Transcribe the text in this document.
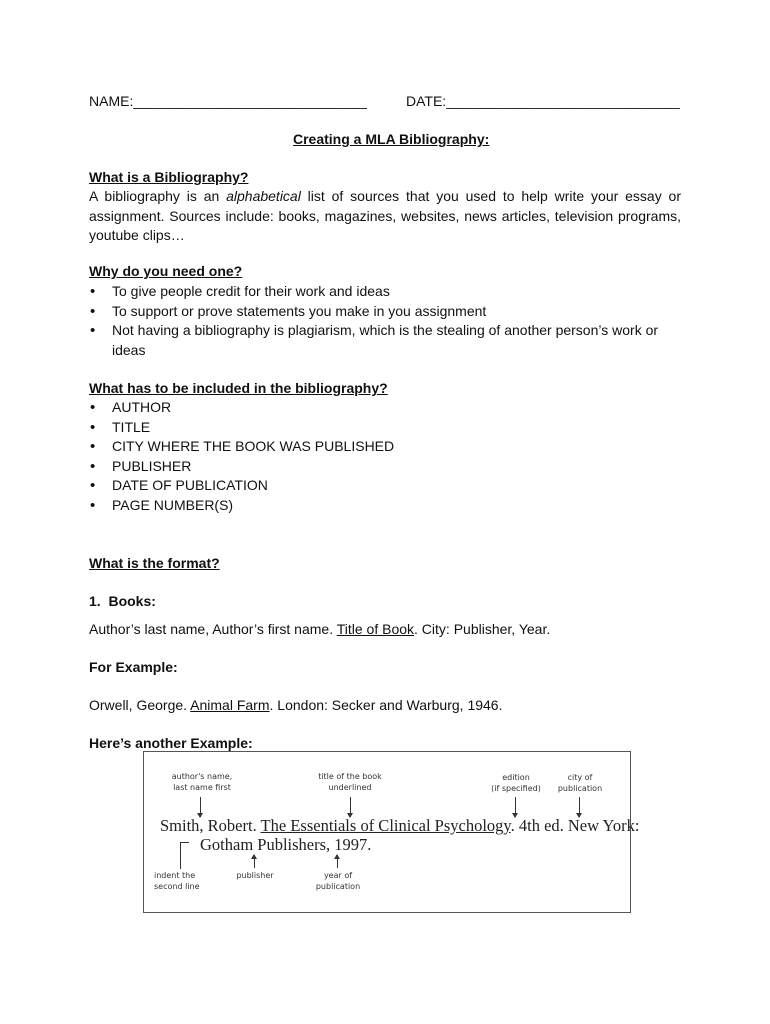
NAME:______________________________	DATE:______________________________
Creating a MLA Bibliography:
What is a Bibliography?
A bibliography is an alphabetical list of sources that you used to help write your essay or assignment. Sources include: books, magazines, websites, news articles, television programs, youtube clips…
Why do you need one?
• To give people credit for their work and ideas
• To support or prove statements you make in you assignment
• Not having a bibliography is plagiarism, which is the stealing of another person’s work or ideas
What has to be included in the bibliography?
• AUTHOR
• TITLE
• CITY WHERE THE BOOK WAS PUBLISHED
• PUBLISHER
• DATE OF PUBLICATION
• PAGE NUMBER(S)
What is the format?
1.  Books:
Author’s last name, Author’s first name. Title of Book. City: Publisher, Year.
For Example:
Orwell, George. Animal Farm. London: Secker and Warburg, 1946.
Here’s another Example:
author's name,
last name first
title of the book
underlined
edition
(if specified)
city of
publication
Smith, Robert. The Essentials of Clinical Psychology. 4th ed. New York:
Gotham Publishers, 1997.
indent the
second line
publisher	year of
publication
